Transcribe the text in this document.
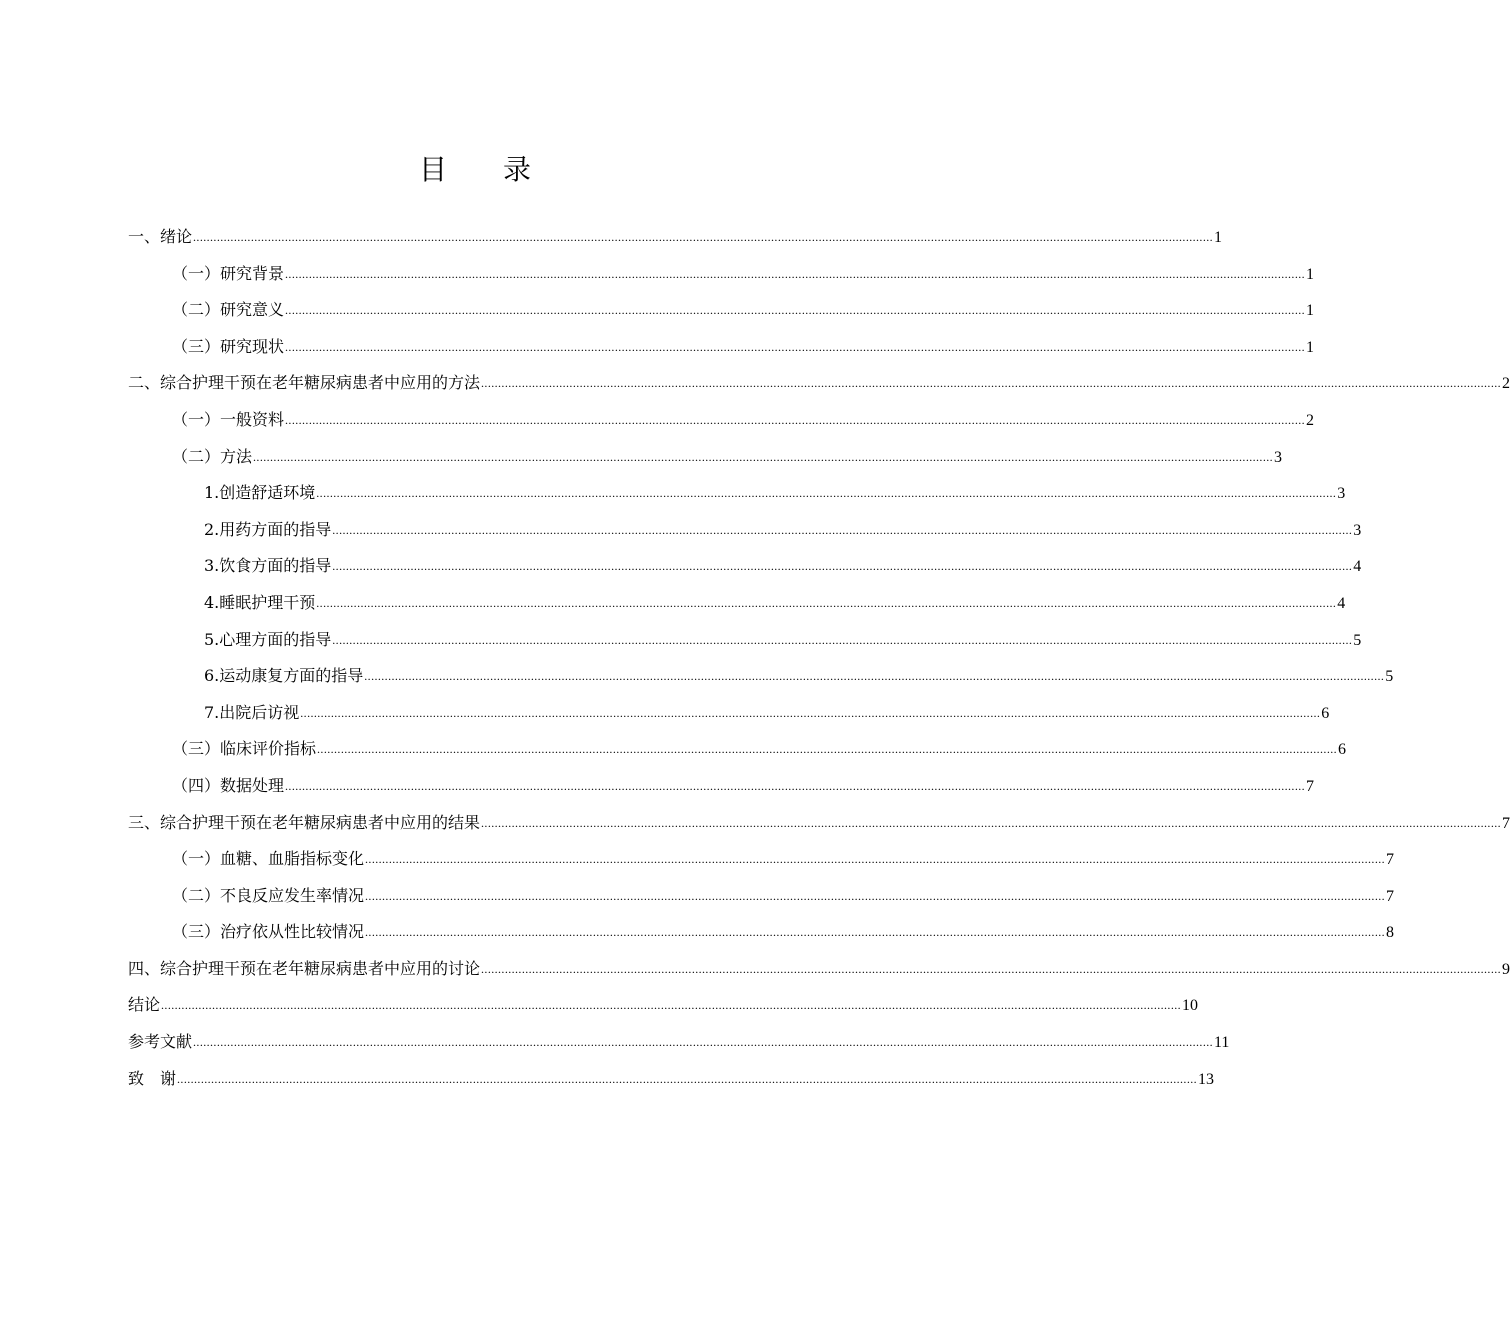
目　　录
一、绪论 ............................................................................................................................................................................................................................................................................................................ 1
（一）研究背景 ............................................................................................................................................................................................................................................................................................................ 1
（二）研究意义 ............................................................................................................................................................................................................................................................................................................ 1
（三）研究现状 ............................................................................................................................................................................................................................................................................................................ 1
二、综合护理干预在老年糖尿病患者中应用的方法 ............................................................................................................................................................................................................................................................................................................ 2
（一）一般资料 ............................................................................................................................................................................................................................................................................................................ 2
（二）方法 ............................................................................................................................................................................................................................................................................................................ 3
1.创造舒适环境 ............................................................................................................................................................................................................................................................................................................ 3
2.用药方面的指导 ............................................................................................................................................................................................................................................................................................................ 3
3.饮食方面的指导 ............................................................................................................................................................................................................................................................................................................ 4
4.睡眠护理干预 ............................................................................................................................................................................................................................................................................................................ 4
5.心理方面的指导 ............................................................................................................................................................................................................................................................................................................ 5
6.运动康复方面的指导 ............................................................................................................................................................................................................................................................................................................ 5
7.出院后访视 ............................................................................................................................................................................................................................................................................................................ 6
（三）临床评价指标 ............................................................................................................................................................................................................................................................................................................ 6
（四）数据处理 ............................................................................................................................................................................................................................................................................................................ 7
三、综合护理干预在老年糖尿病患者中应用的结果 ............................................................................................................................................................................................................................................................................................................ 7
（一）血糖、血脂指标变化 ............................................................................................................................................................................................................................................................................................................ 7
（二）不良反应发生率情况 ............................................................................................................................................................................................................................................................................................................ 7
（三）治疗依从性比较情况 ............................................................................................................................................................................................................................................................................................................ 8
四、综合护理干预在老年糖尿病患者中应用的讨论 ............................................................................................................................................................................................................................................................................................................ 9
结论 ............................................................................................................................................................................................................................................................................................................ 10
参考文献 ............................................................................................................................................................................................................................................................................................................ 11
致　谢 ............................................................................................................................................................................................................................................................................................................ 13
